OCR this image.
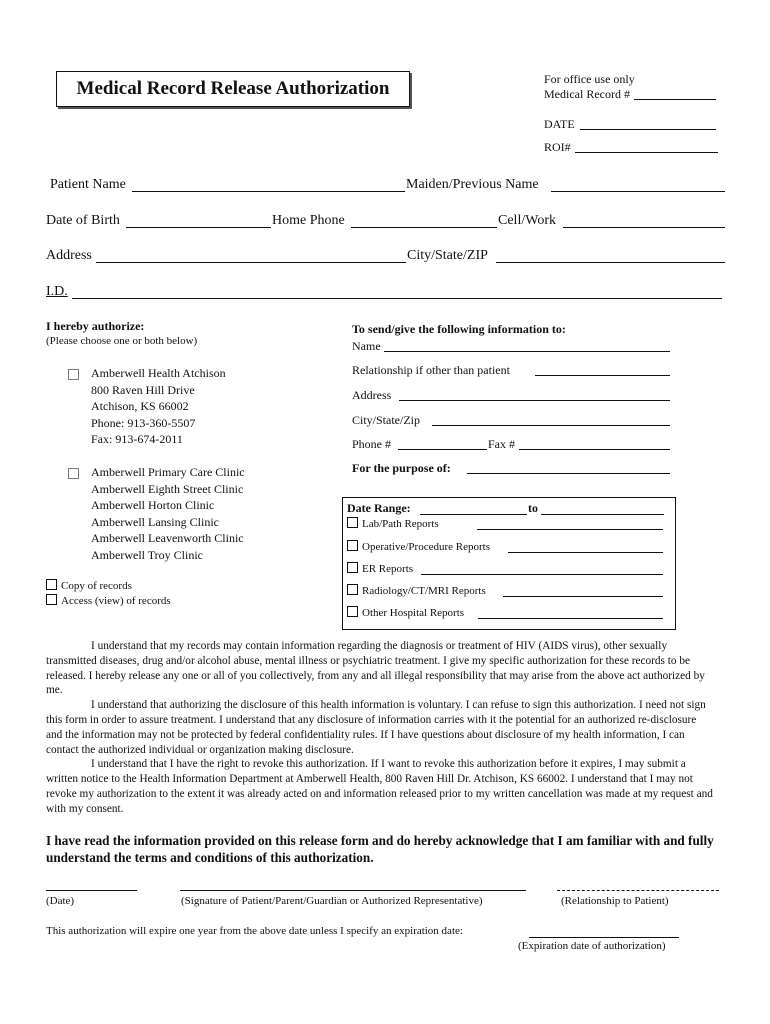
Medical Record Release Authorization	For office use only
Medical Record #
DATE
ROI#
Patient Name	Maiden/Previous Name
Date of Birth	Home Phone	Cell/Work
Address	City/State/ZIP
I.D.
I hereby authorize:
(Please choose one or both below)
Amberwell Health Atchison
800 Raven Hill Drive
Atchison, KS 66002
Phone: 913-360-5507
Fax: 913-674-2011
Amberwell Primary Care Clinic
Amberwell Eighth Street Clinic
Amberwell Horton Clinic
Amberwell Lansing Clinic
Amberwell Leavenworth Clinic
Amberwell Troy Clinic
Copy of records
Access (view) of records
To send/give the following information to:
Name
Relationship if other than patient
Address
City/State/Zip
Phone #	Fax #
For the purpose of:
Date Range:	to
Lab/Path Reports
Operative/Procedure Reports
ER Reports
Radiology/CT/MRI Reports
Other Hospital Reports

I understand that my records may contain information regarding the diagnosis or treatment of HIV (AIDS virus), other sexually transmitted diseases, drug and/or alcohol abuse, mental illness or psychiatric treatment. I give my specific authorization for these records to be released. I hereby release any one or all of you collectively, from any and all illegal responsibility that may arise from the above act authorized by me.

I understand that authorizing the disclosure of this health information is voluntary. I can refuse to sign this authorization. I need not sign this form in order to assure treatment. I understand that any disclosure of information carries with it the potential for an authorized re-disclosure and the information may not be protected by federal confidentiality rules. If I have questions about disclosure of my health information, I can contact the authorized individual or organization making disclosure.

I understand that I have the right to revoke this authorization. If I want to revoke this authorization before it expires, I may submit a written notice to the Health Information Department at Amberwell Health, 800 Raven Hill Dr. Atchison, KS 66002. I understand that I may not revoke my authorization to the extent it was already acted on and information released prior to my written cancellation was made at my request and with my consent.

I have read the information provided on this release form and do hereby acknowledge that I am familiar with and fully understand the terms and conditions of this authorization.
(Date)	(Signature of Patient/Parent/Guardian or Authorized Representative)	(Relationship to Patient)
This authorization will expire one year from the above date unless I specify an expiration date:
(Expiration date of authorization)
